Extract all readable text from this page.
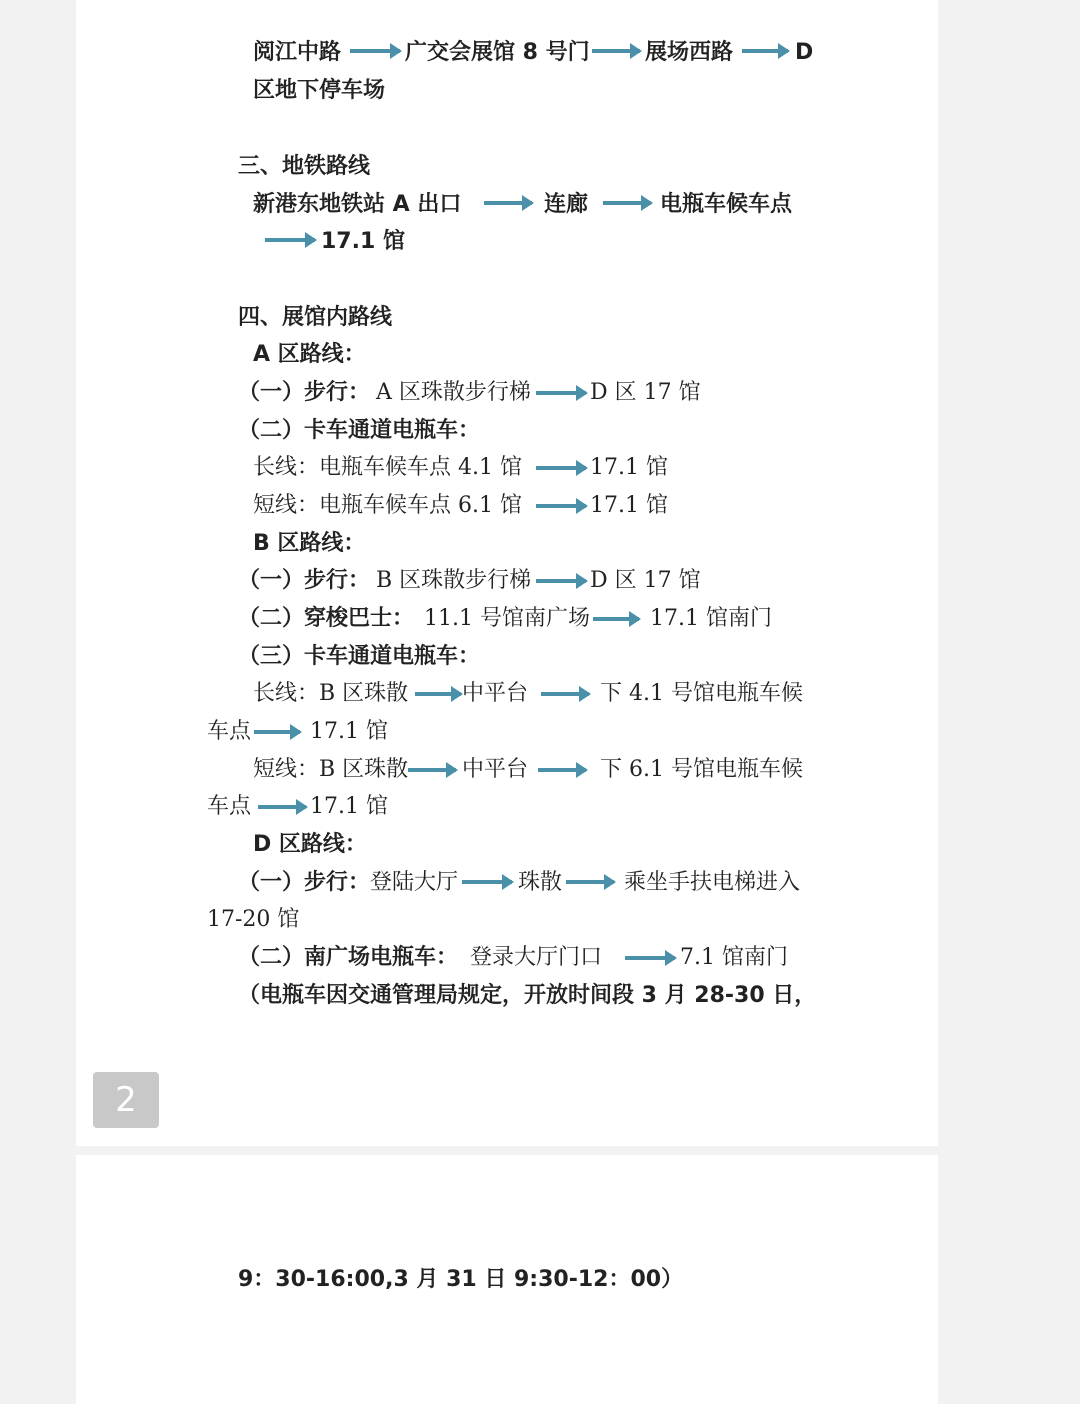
阅江中路	广交会展馆 8 号门	展场西路	D
区地下停车场
三、地铁路线
新港东地铁站 A 出口	连廊	电瓶车候车点
17.1 馆
四、展馆内路线
A 区路线：
（一）步行： A 区珠散步行梯	D 区 17 馆
（二）卡车通道电瓶车：
长线：电瓶车候车点 4.1 馆	17.1 馆
短线：电瓶车候车点 6.1 馆	17.1 馆
B 区路线：
（一）步行： B 区珠散步行梯	D 区 17 馆
（二）穿梭巴士： 11.1 号馆南广场	17.1 馆南门
（三）卡车通道电瓶车：
长线：B 区珠散 中平台	下 4.1 号馆电瓶车候
车点	17.1 馆
短线：B 区珠散 中平台	下 6.1 号馆电瓶车候
车点	17.1 馆
D 区路线：
（一）步行： 登陆大厅	珠散	乘坐手扶电梯进入
17-20 馆
（二）南广场电瓶车： 登录大厅门口	7.1 馆南门
（电瓶车因交通管理局规定，开放时间段 3 月 28-30 日，
2
9：30-16:00,3 月 31 日 9:30-12：00）
